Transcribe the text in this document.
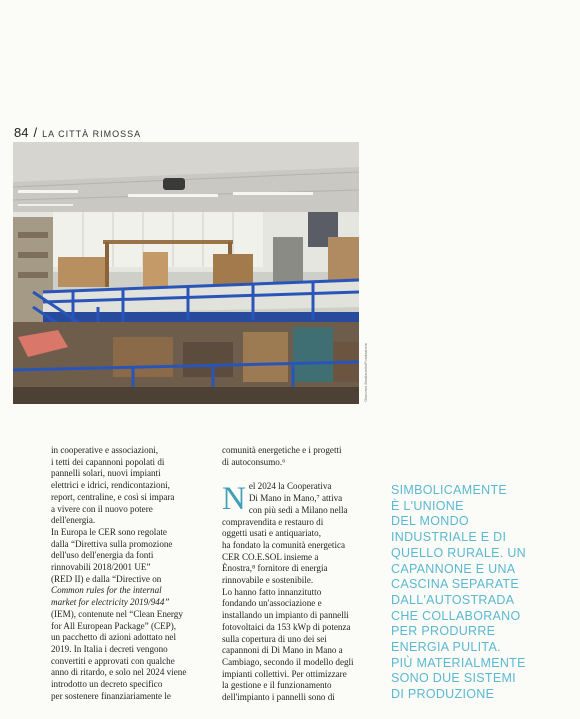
84 / LA CITTÀ RIMOSSA
Giacomo Bastianello/Fondazione

in cooperative e associazioni,

i tetti dei capannoni popolati di

pannelli solari, nuovi impianti

elettrici e idrici, rendicontazioni,

report, centraline, e così si impara

a vivere con il nuovo potere

dell'energia.

In Europa le CER sono regolate

dalla “Direttiva sulla promozione

dell'uso dell'energia da fonti

rinnovabili 2018/2001 UE”

(RED II) e dalla “Directive on

Common rules for the internal

market for electricity 2019/944”

(IEM), contenute nel “Clean Energy

for All European Package” (CEP),

un pacchetto di azioni adottato nel

2019. In Italia i decreti vengono

convertiti e approvati con qualche

anno di ritardo, e solo nel 2024 viene

introdotto un decreto specifico

per sostenere finanziariamente le

comunità energetiche e i progetti

di autoconsumo.⁶

N el 2024 la Cooperativa
Di Mano in Mano,⁷ attiva
con più sedi a Milano nella
compravendita e restauro di
oggetti usati e antiquariato,
ha fondato la comunità energetica
CER CO.E.SOL insieme a
Ènostra,⁸ fornitore di energia
rinnovabile e sostenibile.
Lo hanno fatto innanzitutto
fondando un'associazione e
installando un impianto di pannelli
fotovoltaici da 153 kWp di potenza
sulla copertura di uno dei sei
capannoni di Di Mano in Mano a
Cambiago, secondo il modello degli
impianti collettivi. Per ottimizzare
la gestione e il funzionamento
dell'impianto i pannelli sono di

SIMBOLICAMENTE
È L'UNIONE
DEL MONDO
INDUSTRIALE E DI
QUELLO RURALE. UN
CAPANNONE E UNA
CASCINA SEPARATE
DALL'AUTOSTRADA
CHE COLLABORANO
PER PRODURRE
ENERGIA PULITA.
PIÙ MATERIALMENTE
SONO DUE SISTEMI
DI PRODUZIONE
